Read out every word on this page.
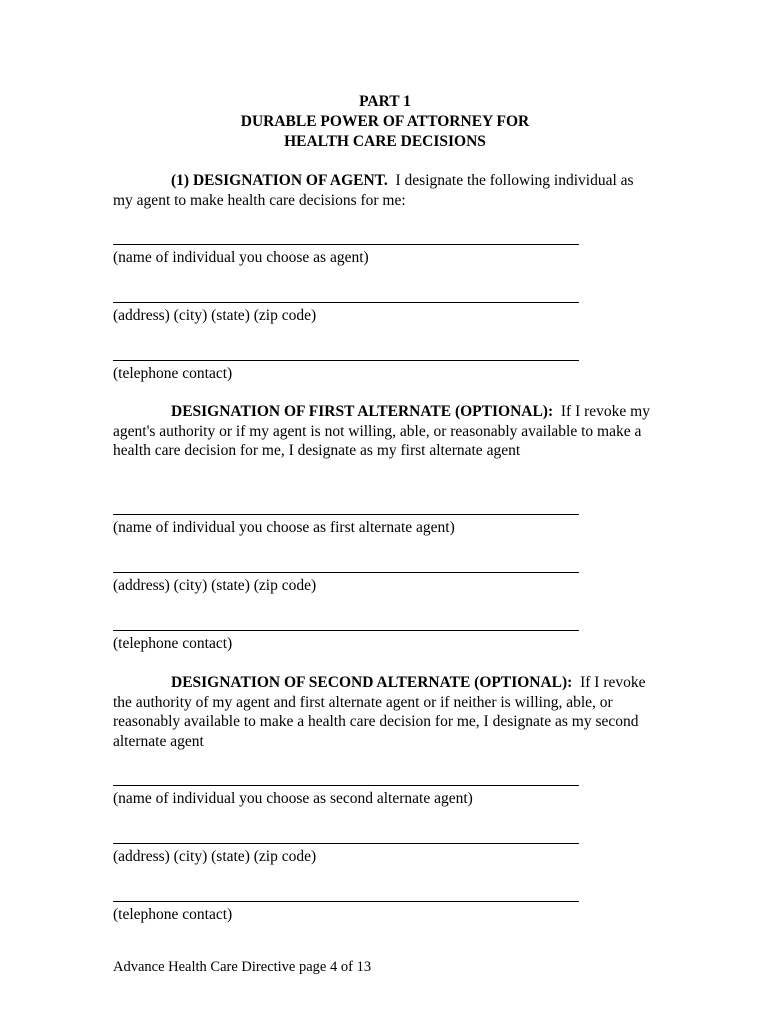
PART 1
DURABLE POWER OF ATTORNEY FOR
HEALTH CARE DECISIONS
(1) DESIGNATION OF AGENT. I designate the following individual as my agent to make health care decisions for me:
(name of individual you choose as agent)
(address) (city) (state) (zip code)
(telephone contact)
DESIGNATION OF FIRST ALTERNATE (OPTIONAL): If I revoke my agent's authority or if my agent is not willing, able, or reasonably available to make a health care decision for me, I designate as my first alternate agent
(name of individual you choose as first alternate agent)
(address) (city) (state) (zip code)
(telephone contact)
DESIGNATION OF SECOND ALTERNATE (OPTIONAL): If I revoke the authority of my agent and first alternate agent or if neither is willing, able, or reasonably available to make a health care decision for me, I designate as my second alternate agent
(name of individual you choose as second alternate agent)
(address) (city) (state) (zip code)
(telephone contact)
Advance Health Care Directive page 4 of 13
